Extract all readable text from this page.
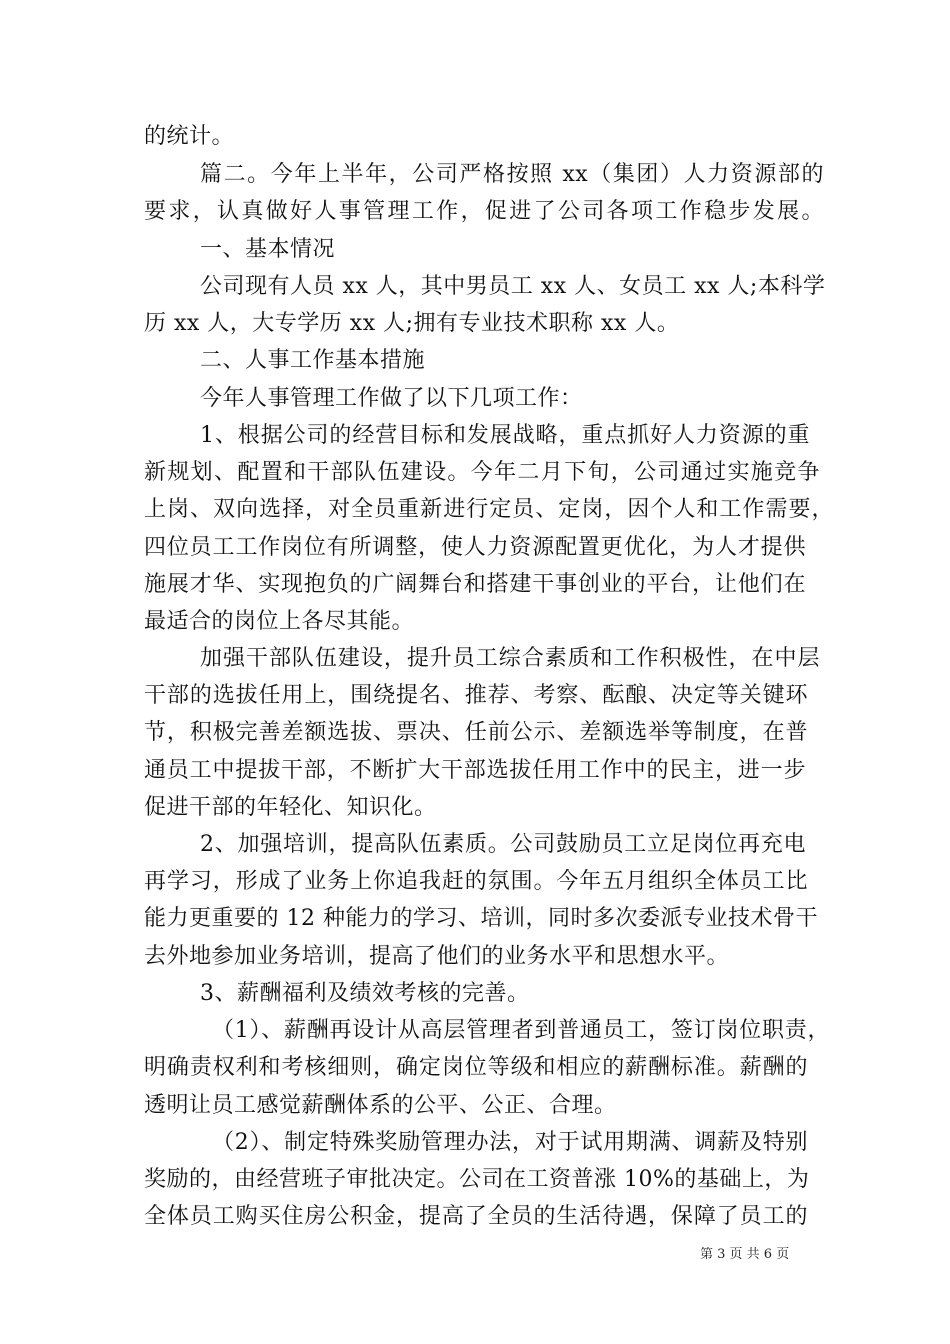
的统计。
篇二。今年上半年，公司严格按照 xx（集团）人力资源部的
要求，认真做好人事管理工作，促进了公司各项工作稳步发展。
一、基本情况
公司现有人员 xx 人，其中男员工 xx 人、女员工 xx 人;本科学
历 xx 人，大专学历 xx 人;拥有专业技术职称 xx 人。
二、人事工作基本措施
今年人事管理工作做了以下几项工作：
1、根据公司的经营目标和发展战略，重点抓好人力资源的重
新规划、配置和干部队伍建设。今年二月下旬，公司通过实施竞争
上岗、双向选择，对全员重新进行定员、定岗，因个人和工作需要，
四位员工工作岗位有所调整，使人力资源配置更优化，为人才提供
施展才华、实现抱负的广阔舞台和搭建干事创业的平台，让他们在
最适合的岗位上各尽其能。
加强干部队伍建设，提升员工综合素质和工作积极性，在中层
干部的选拔任用上，围绕提名、推荐、考察、酝酿、决定等关键环
节，积极完善差额选拔、票决、任前公示、差额选举等制度，在普
通员工中提拔干部，不断扩大干部选拔任用工作中的民主，进一步
促进干部的年轻化、知识化。
2、加强培训，提高队伍素质。公司鼓励员工立足岗位再充电
再学习，形成了业务上你追我赶的氛围。今年五月组织全体员工比
能力更重要的 12 种能力的学习、培训，同时多次委派专业技术骨干
去外地参加业务培训，提高了他们的业务水平和思想水平。
3、薪酬福利及绩效考核的完善。
（1）、薪酬再设计从高层管理者到普通员工，签订岗位职责，
明确责权利和考核细则，确定岗位等级和相应的薪酬标准。薪酬的
透明让员工感觉薪酬体系的公平、公正、合理。
（2）、制定特殊奖励管理办法，对于试用期满、调薪及特别
奖励的，由经营班子审批决定。公司在工资普涨 10%的基础上，为
全体员工购买住房公积金，提高了全员的生活待遇，保障了员工的
第 3 页 共 6 页
